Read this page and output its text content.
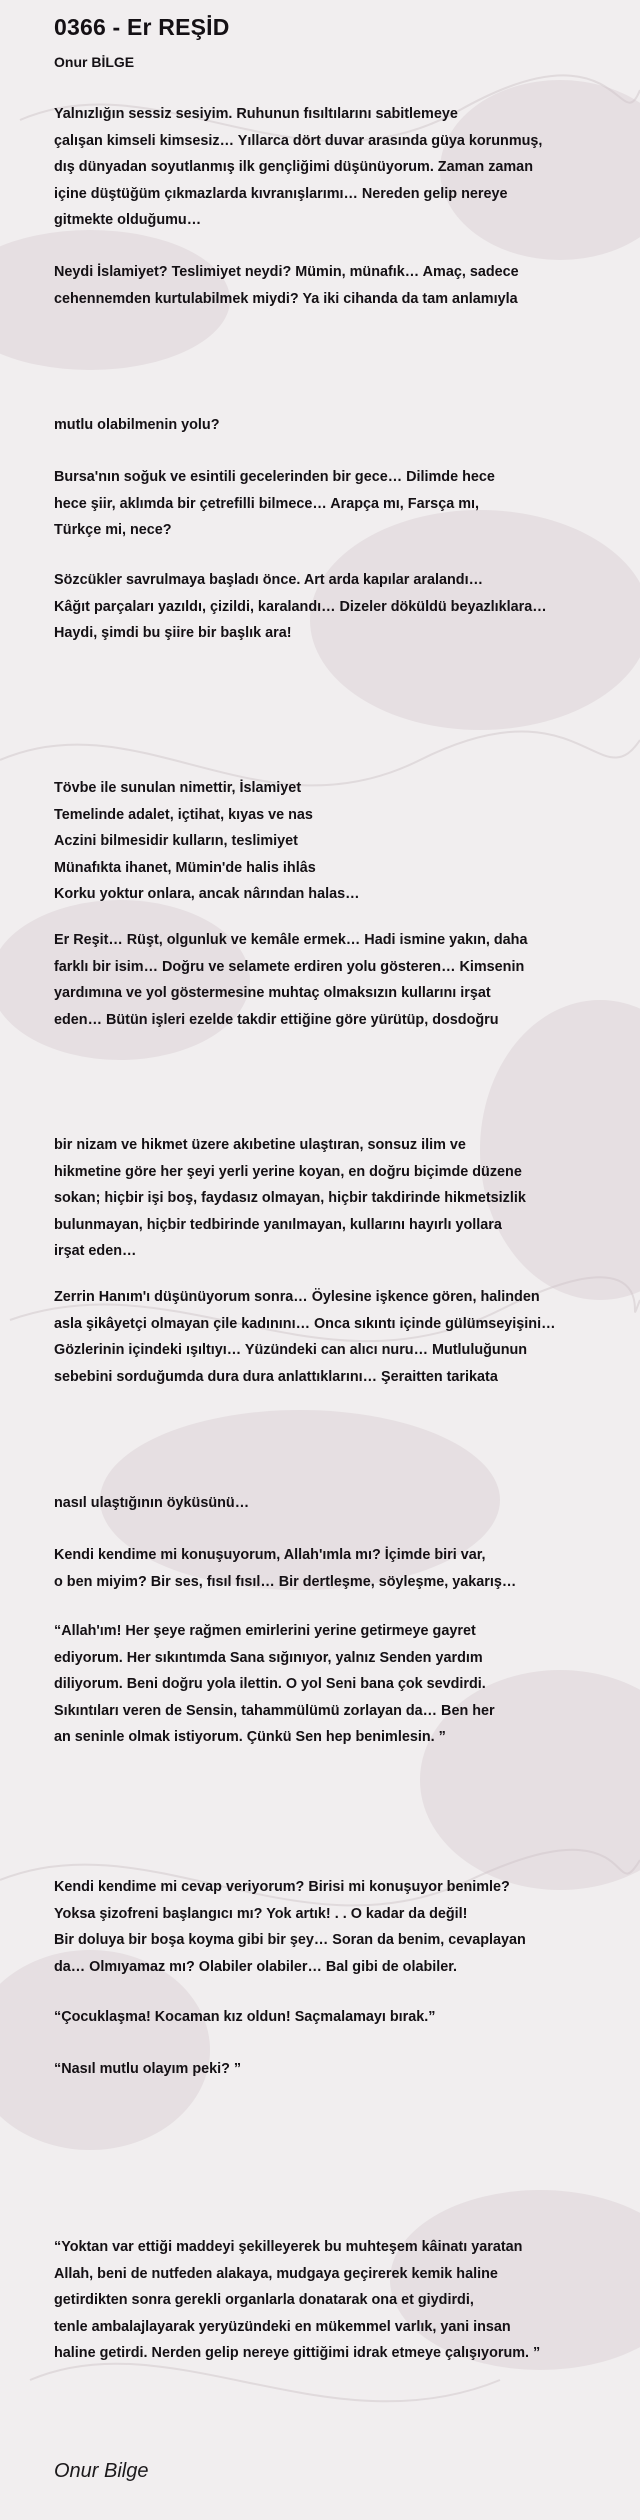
0366 - Er REŞİD
Onur BİLGE
Yalnızlığın sessiz sesiyim. Ruhunun fısıltılarını sabitlemeye
çalışan kimseli kimsesiz… Yıllarca dört duvar arasında güya korunmuş,
dış dünyadan soyutlanmış ilk gençliğimi düşünüyorum. Zaman zaman
içine düştüğüm çıkmazlarda kıvranışlarımı… Nereden gelip nereye
gitmekte olduğumu…
Neydi İslamiyet? Teslimiyet neydi? Mümin, münafık… Amaç, sadece
cehennemden kurtulabilmek miydi? Ya iki cihanda da tam anlamıyla
mutlu olabilmenin yolu?
Bursa'nın soğuk ve esintili gecelerinden bir gece… Dilimde hece
hece şiir, aklımda bir çetrefilli bilmece… Arapça mı, Farsça mı,
Türkçe mi, nece?
Sözcükler savrulmaya başladı önce. Art arda kapılar aralandı…
Kâğıt parçaları yazıldı, çizildi, karalandı… Dizeler döküldü beyazlıklara…
Haydi, şimdi bu şiire bir başlık ara!
Tövbe ile sunulan nimettir, İslamiyet
Temelinde adalet, içtihat, kıyas ve nas
Aczini bilmesidir kulların, teslimiyet
Münafıkta ihanet, Mümin'de halis ihlâs
Korku yoktur onlara, ancak nârından halas…
Er Reşit… Rüşt, olgunluk ve kemâle ermek… Hadi ismine yakın, daha
farklı bir isim… Doğru ve selamete erdiren yolu gösteren… Kimsenin
yardımına ve yol göstermesine muhtaç olmaksızın kullarını irşat
eden… Bütün işleri ezelde takdir ettiğine göre yürütüp, dosdoğru
bir nizam ve hikmet üzere akıbetine ulaştıran, sonsuz ilim ve
hikmetine göre her şeyi yerli yerine koyan, en doğru biçimde düzene
sokan; hiçbir işi boş, faydasız olmayan, hiçbir takdirinde hikmetsizlik
bulunmayan, hiçbir tedbirinde yanılmayan, kullarını hayırlı yollara
irşat eden…
Zerrin Hanım'ı düşünüyorum sonra… Öylesine işkence gören, halinden
asla şikâyetçi olmayan çile kadınını… Onca sıkıntı içinde gülümseyişini…
Gözlerinin içindeki ışıltıyı… Yüzündeki can alıcı nuru… Mutluluğunun
sebebini sorduğumda dura dura anlattıklarını… Şeraitten tarikata
nasıl ulaştığının öyküsünü…
Kendi kendime mi konuşuyorum, Allah'ımla mı? İçimde biri var,
o ben miyim? Bir ses, fısıl fısıl… Bir dertleşme, söyleşme, yakarış…
“Allah'ım! Her şeye rağmen emirlerini yerine getirmeye gayret
ediyorum. Her sıkıntımda Sana sığınıyor, yalnız Senden yardım
diliyorum. Beni doğru yola ilettin. O yol Seni bana çok sevdirdi.
Sıkıntıları veren de Sensin, tahammülümü zorlayan da… Ben her
an seninle olmak istiyorum. Çünkü Sen hep benimlesin. ”
Kendi kendime mi cevap veriyorum? Birisi mi konuşuyor benimle?
Yoksa şizofreni başlangıcı mı? Yok artık! . . O kadar da değil!
Bir doluya bir boşa koyma gibi bir şey… Soran da benim, cevaplayan
da… Olmıyamaz mı? Olabiler olabiler… Bal gibi de olabiler.
“Çocuklaşma! Kocaman kız oldun! Saçmalamayı bırak.”
“Nasıl mutlu olayım peki? ”
“Yoktan var ettiği maddeyi şekilleyerek bu muhteşem kâinatı yaratan
Allah, beni de nutfeden alakaya, mudgaya geçirerek kemik haline
getirdikten sonra gerekli organlarla donatarak ona et giydirdi,
tenle ambalajlayarak yeryüzündeki en mükemmel varlık, yani insan
haline getirdi. Nerden gelip nereye gittiğimi idrak etmeye çalışıyorum. ”
Onur Bilge
